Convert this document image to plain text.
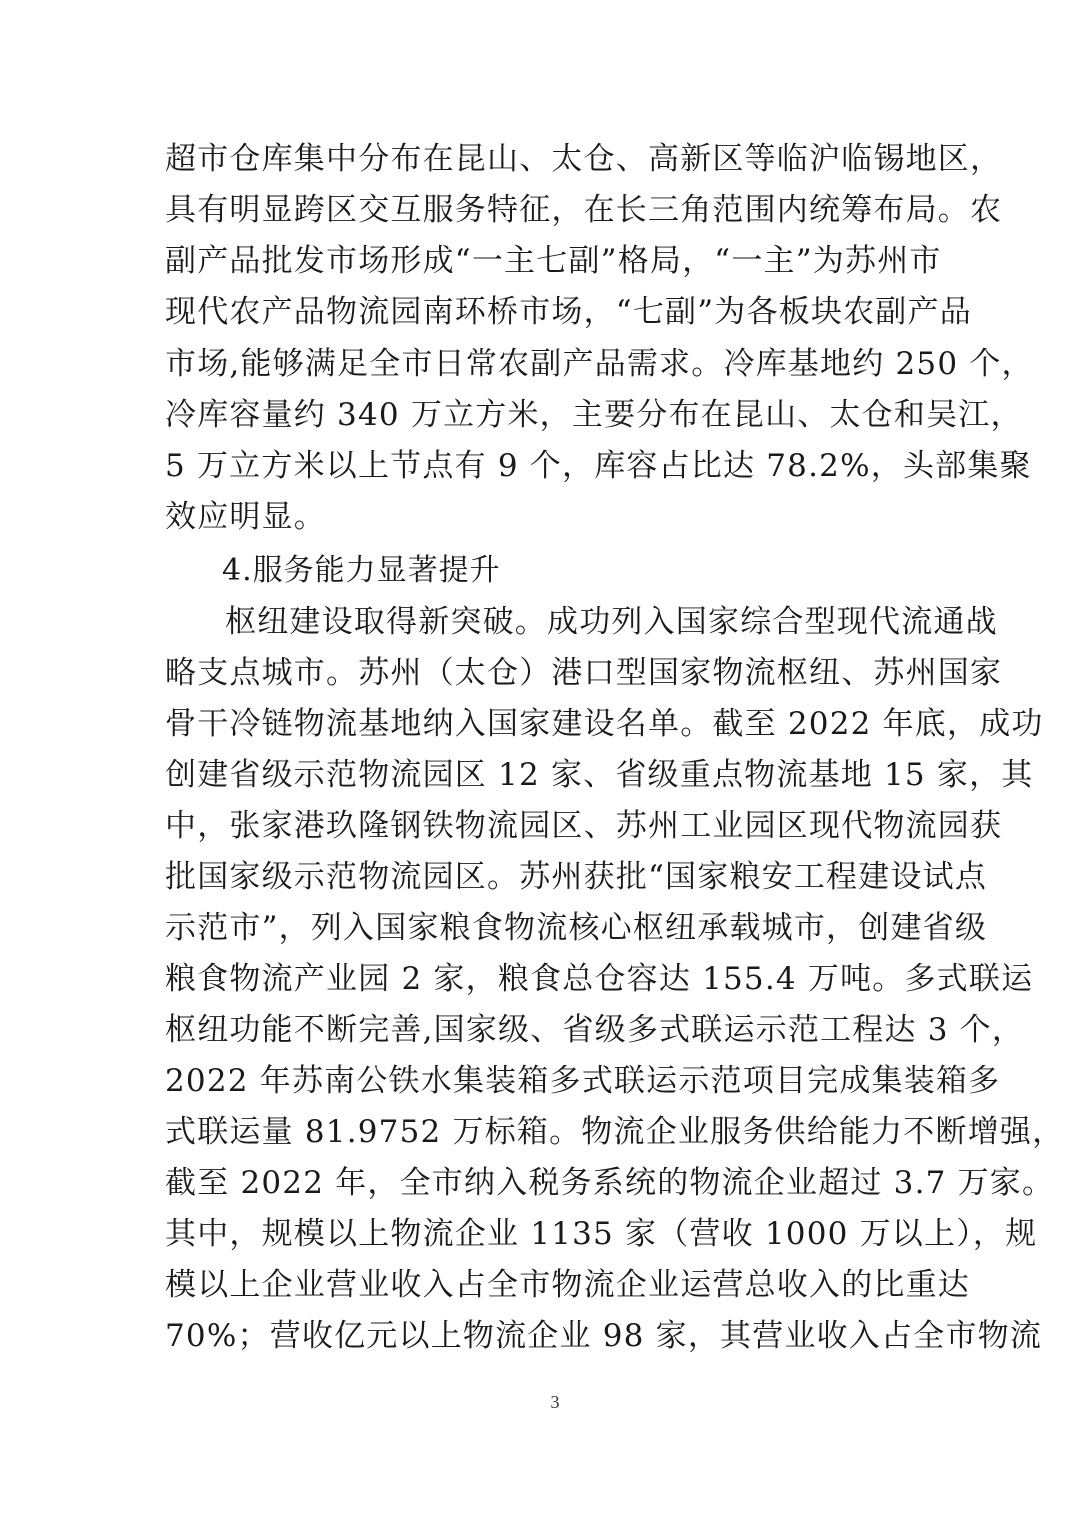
超市仓库集中分布在昆山、太仓、高新区等临沪临锡地区，
具有明显跨区交互服务特征，在长三角范围内统筹布局。农
副产品批发市场形成“一主七副”格局，“一主”为苏州市
现代农产品物流园南环桥市场，“七副”为各板块农副产品
市场,能够满足全市日常农副产品需求。冷库基地约 250 个，
冷库容量约 340 万立方米，主要分布在昆山、太仓和吴江，
5 万立方米以上节点有 9 个，库容占比达 78.2%，头部集聚
效应明显。
4.服务能力显著提升
枢纽建设取得新突破。成功列入国家综合型现代流通战
略支点城市。苏州（太仓）港口型国家物流枢纽、苏州国家
骨干冷链物流基地纳入国家建设名单。截至 2022 年底，成功
创建省级示范物流园区 12 家、省级重点物流基地 15 家，其
中，张家港玖隆钢铁物流园区、苏州工业园区现代物流园获
批国家级示范物流园区。苏州获批“国家粮安工程建设试点
示范市”，列入国家粮食物流核心枢纽承载城市，创建省级
粮食物流产业园 2 家，粮食总仓容达 155.4 万吨。多式联运
枢纽功能不断完善,国家级、省级多式联运示范工程达 3 个，
2022 年苏南公铁水集装箱多式联运示范项目完成集装箱多
式联运量 81.9752 万标箱。物流企业服务供给能力不断增强，
截至 2022 年，全市纳入税务系统的物流企业超过 3.7 万家。
其中，规模以上物流企业 1135 家（营收 1000 万以上），规
模以上企业营业收入占全市物流企业运营总收入的比重达
70%；营收亿元以上物流企业 98 家，其营业收入占全市物流
3
